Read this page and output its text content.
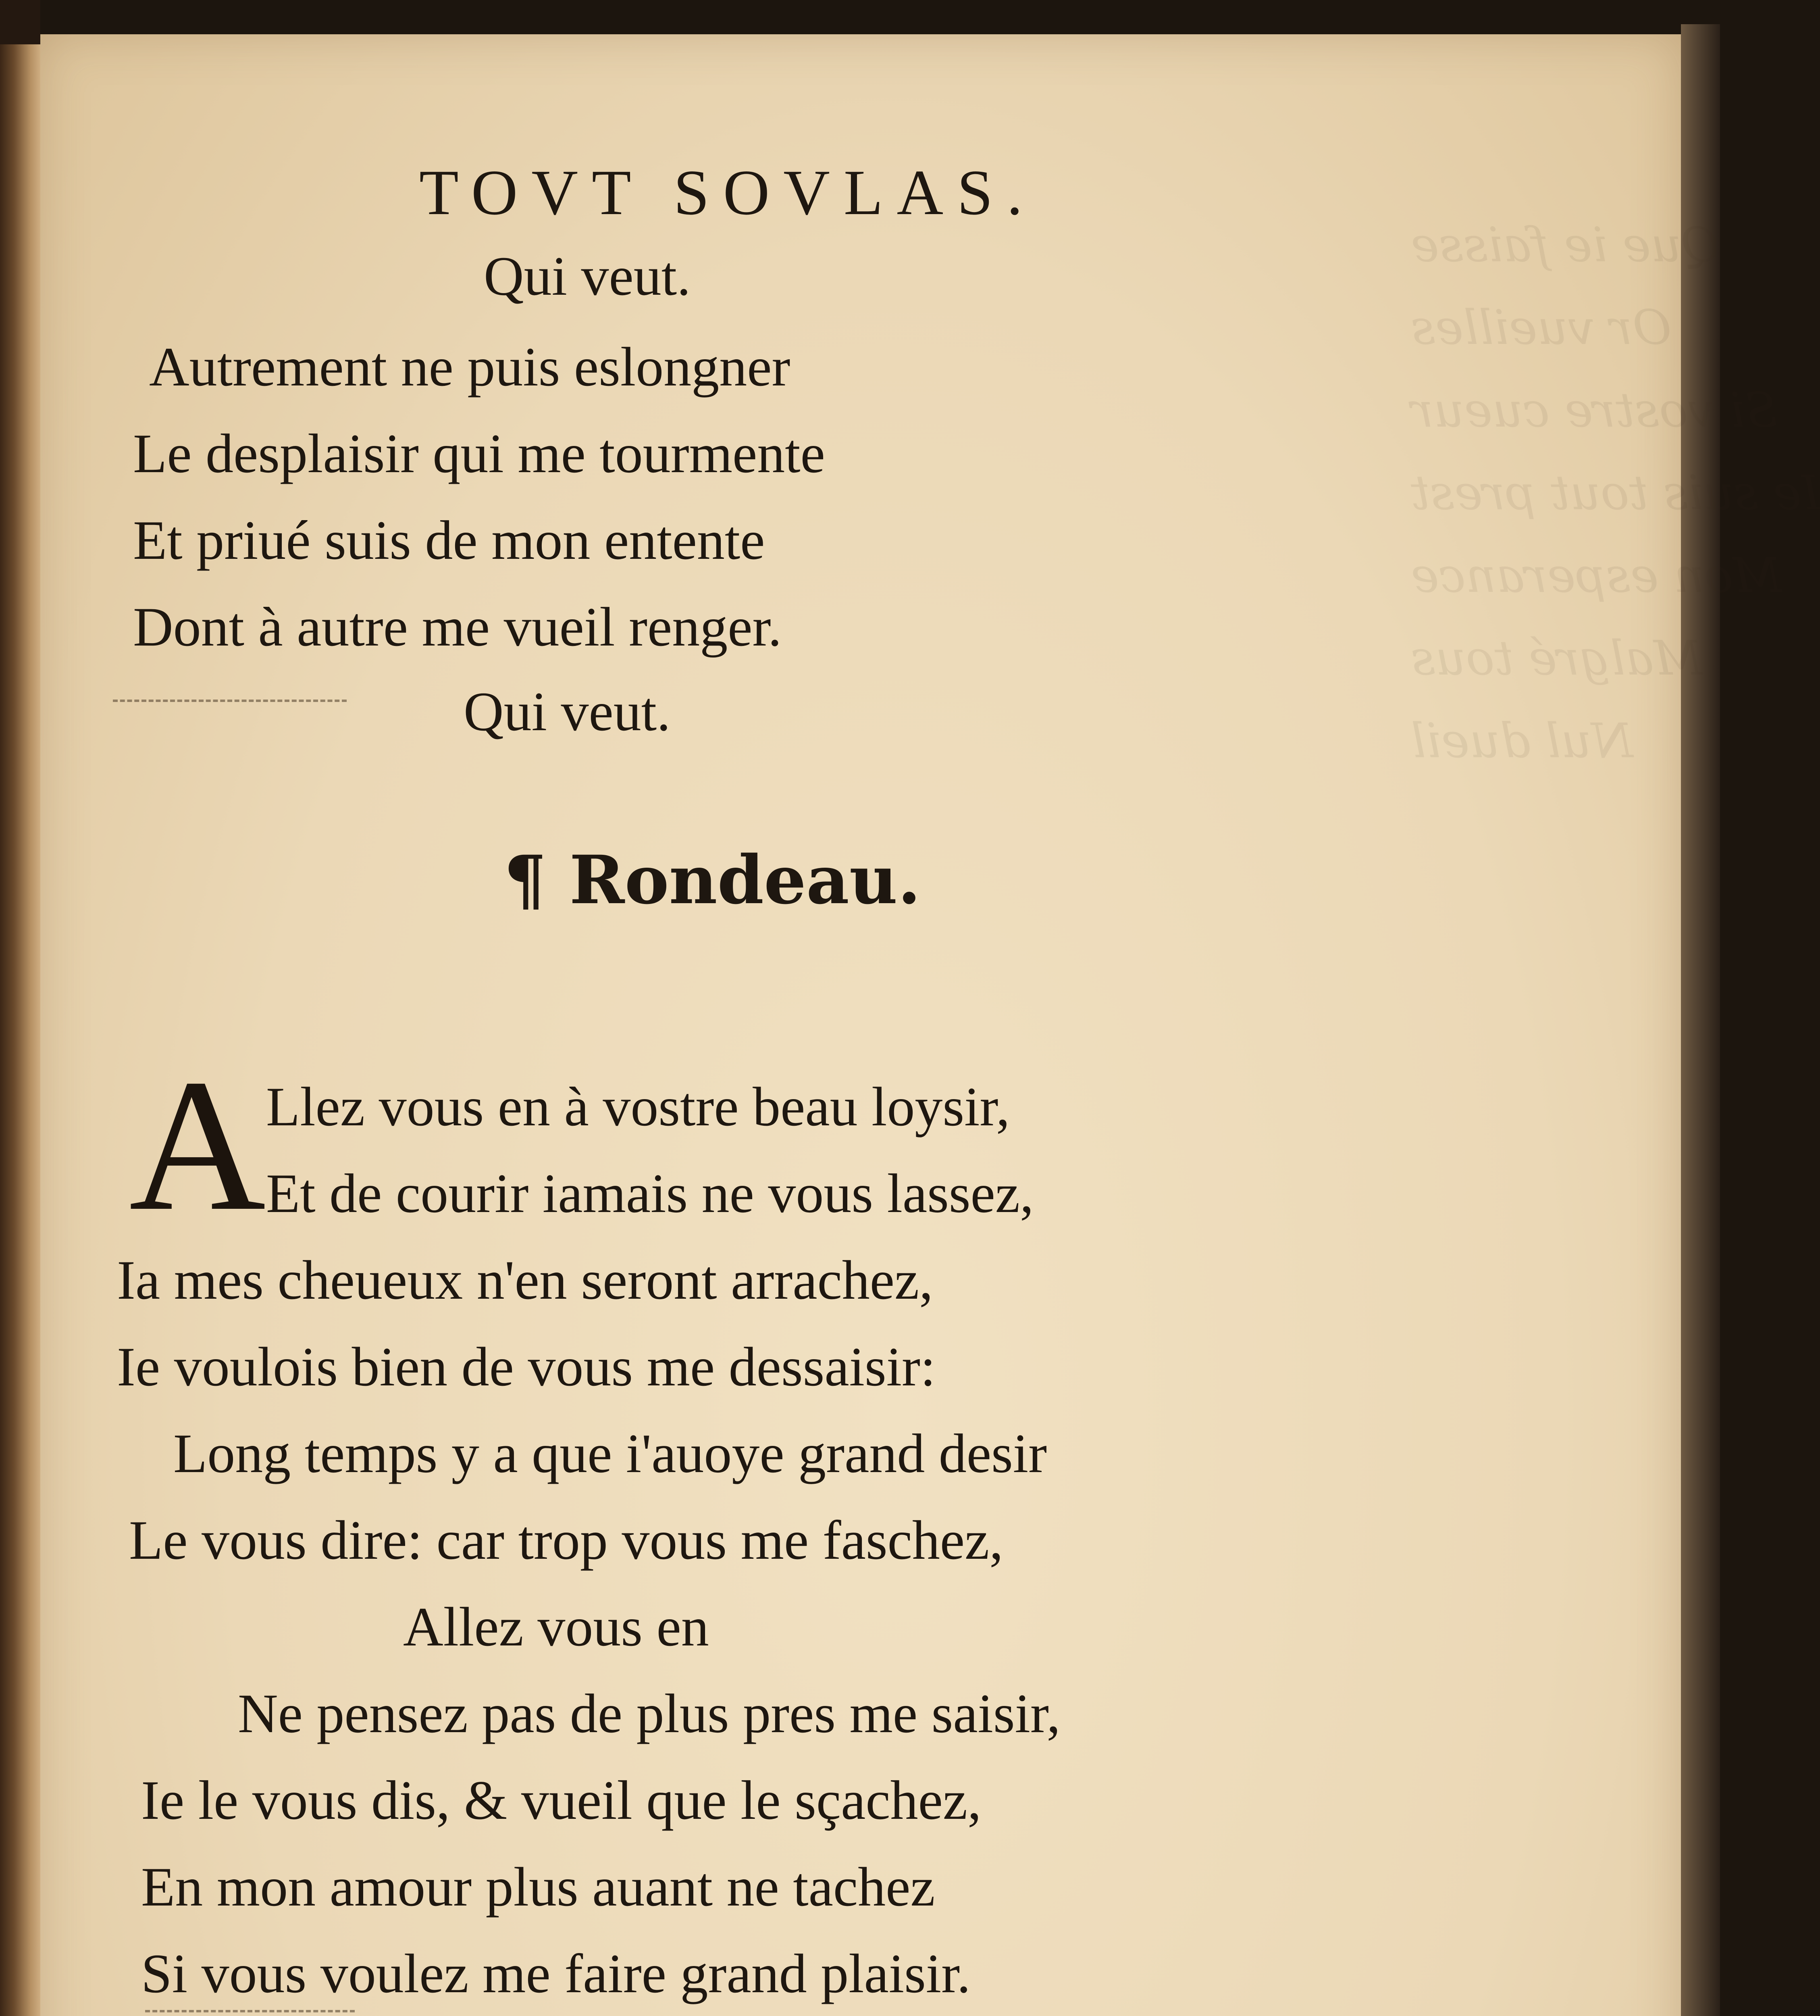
Que ie faisse
Or vueilles
Si vostre cueur
Ie suis tout prest
Mon esperance
Malgré tous
Nul dueil
TOVT SOVLAS.
Qui veut.
Autrement ne puis eslongner
Le desplaisir qui me tourmente
Et priué suis de mon entente
Dont à autre me vueil renger.
Qui veut.
¶ Rondeau.
A Llez vous en à vostre beau loysir,
Et de courir iamais ne vous lassez,
Ia mes cheueux n'en seront arrachez,
Ie voulois bien de vous me dessaisir:
Long temps y a que i'auoye grand desir
Le vous dire: car trop vous me faschez,
Allez vous en
Ne pensez pas de plus pres me saisir,
Ie le vous dis, & vueil que le sçachez,
En mon amour plus auant ne tachez
Si vous voulez me faire grand plaisir.
